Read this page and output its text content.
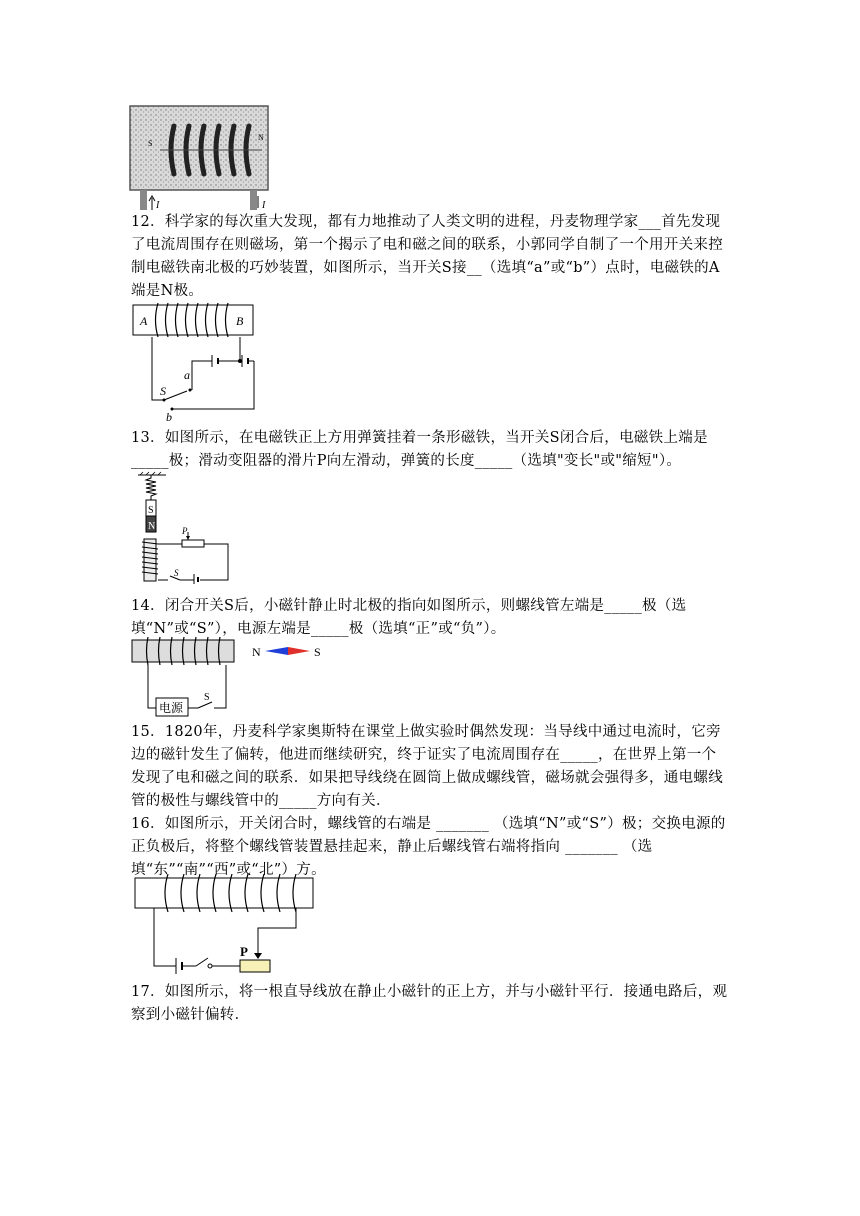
S
N
I	I
12．科学家的每次重大发现，都有力地推动了人类文明的进程，丹麦物理学家___首先发现了电流周围存在则磁场，第一个揭示了电和磁之间的联系，小郭同学自制了一个用开关来控制电磁铁南北极的巧妙装置，如图所示，当开关S接__（选填“a”或“b”）点时，电磁铁的A端是N极。
A	B
S
a
b
13．如图所示，在电磁铁正上方用弹簧挂着一条形磁铁，当开关S闭合后，电磁铁上端是_____极；滑动变阻器的滑片P向左滑动，弹簧的长度_____（选填"变长"或"缩短"）。
S
N	P
S
14．闭合开关S后，小磁针静止时北极的指向如图所示，则螺线管左端是_____极（选填“N”或“S”），电源左端是_____极（选填“正”或“负”）。
N	S
电源
S
15．1820年，丹麦科学家奥斯特在课堂上做实验时偶然发现：当导线中通过电流时，它旁边的磁针发生了偏转，他进而继续研究，终于证实了电流周围存在_____，在世界上第一个发现了电和磁之间的联系．如果把导线绕在圆筒上做成螺线管，磁场就会强得多，通电螺线管的极性与螺线管中的_____方向有关．
16．如图所示，开关闭合时，螺线管的右端是 _______ （选填“N”或“S”）极；交换电源的正负极后，将整个螺线管装置悬挂起来，静止后螺线管右端将指向 _______ （选填“东”“南”“西”或“北”）方。
P
17．如图所示，将一根直导线放在静止小磁针的正上方，并与小磁针平行．接通电路后，观察到小磁针偏转．
